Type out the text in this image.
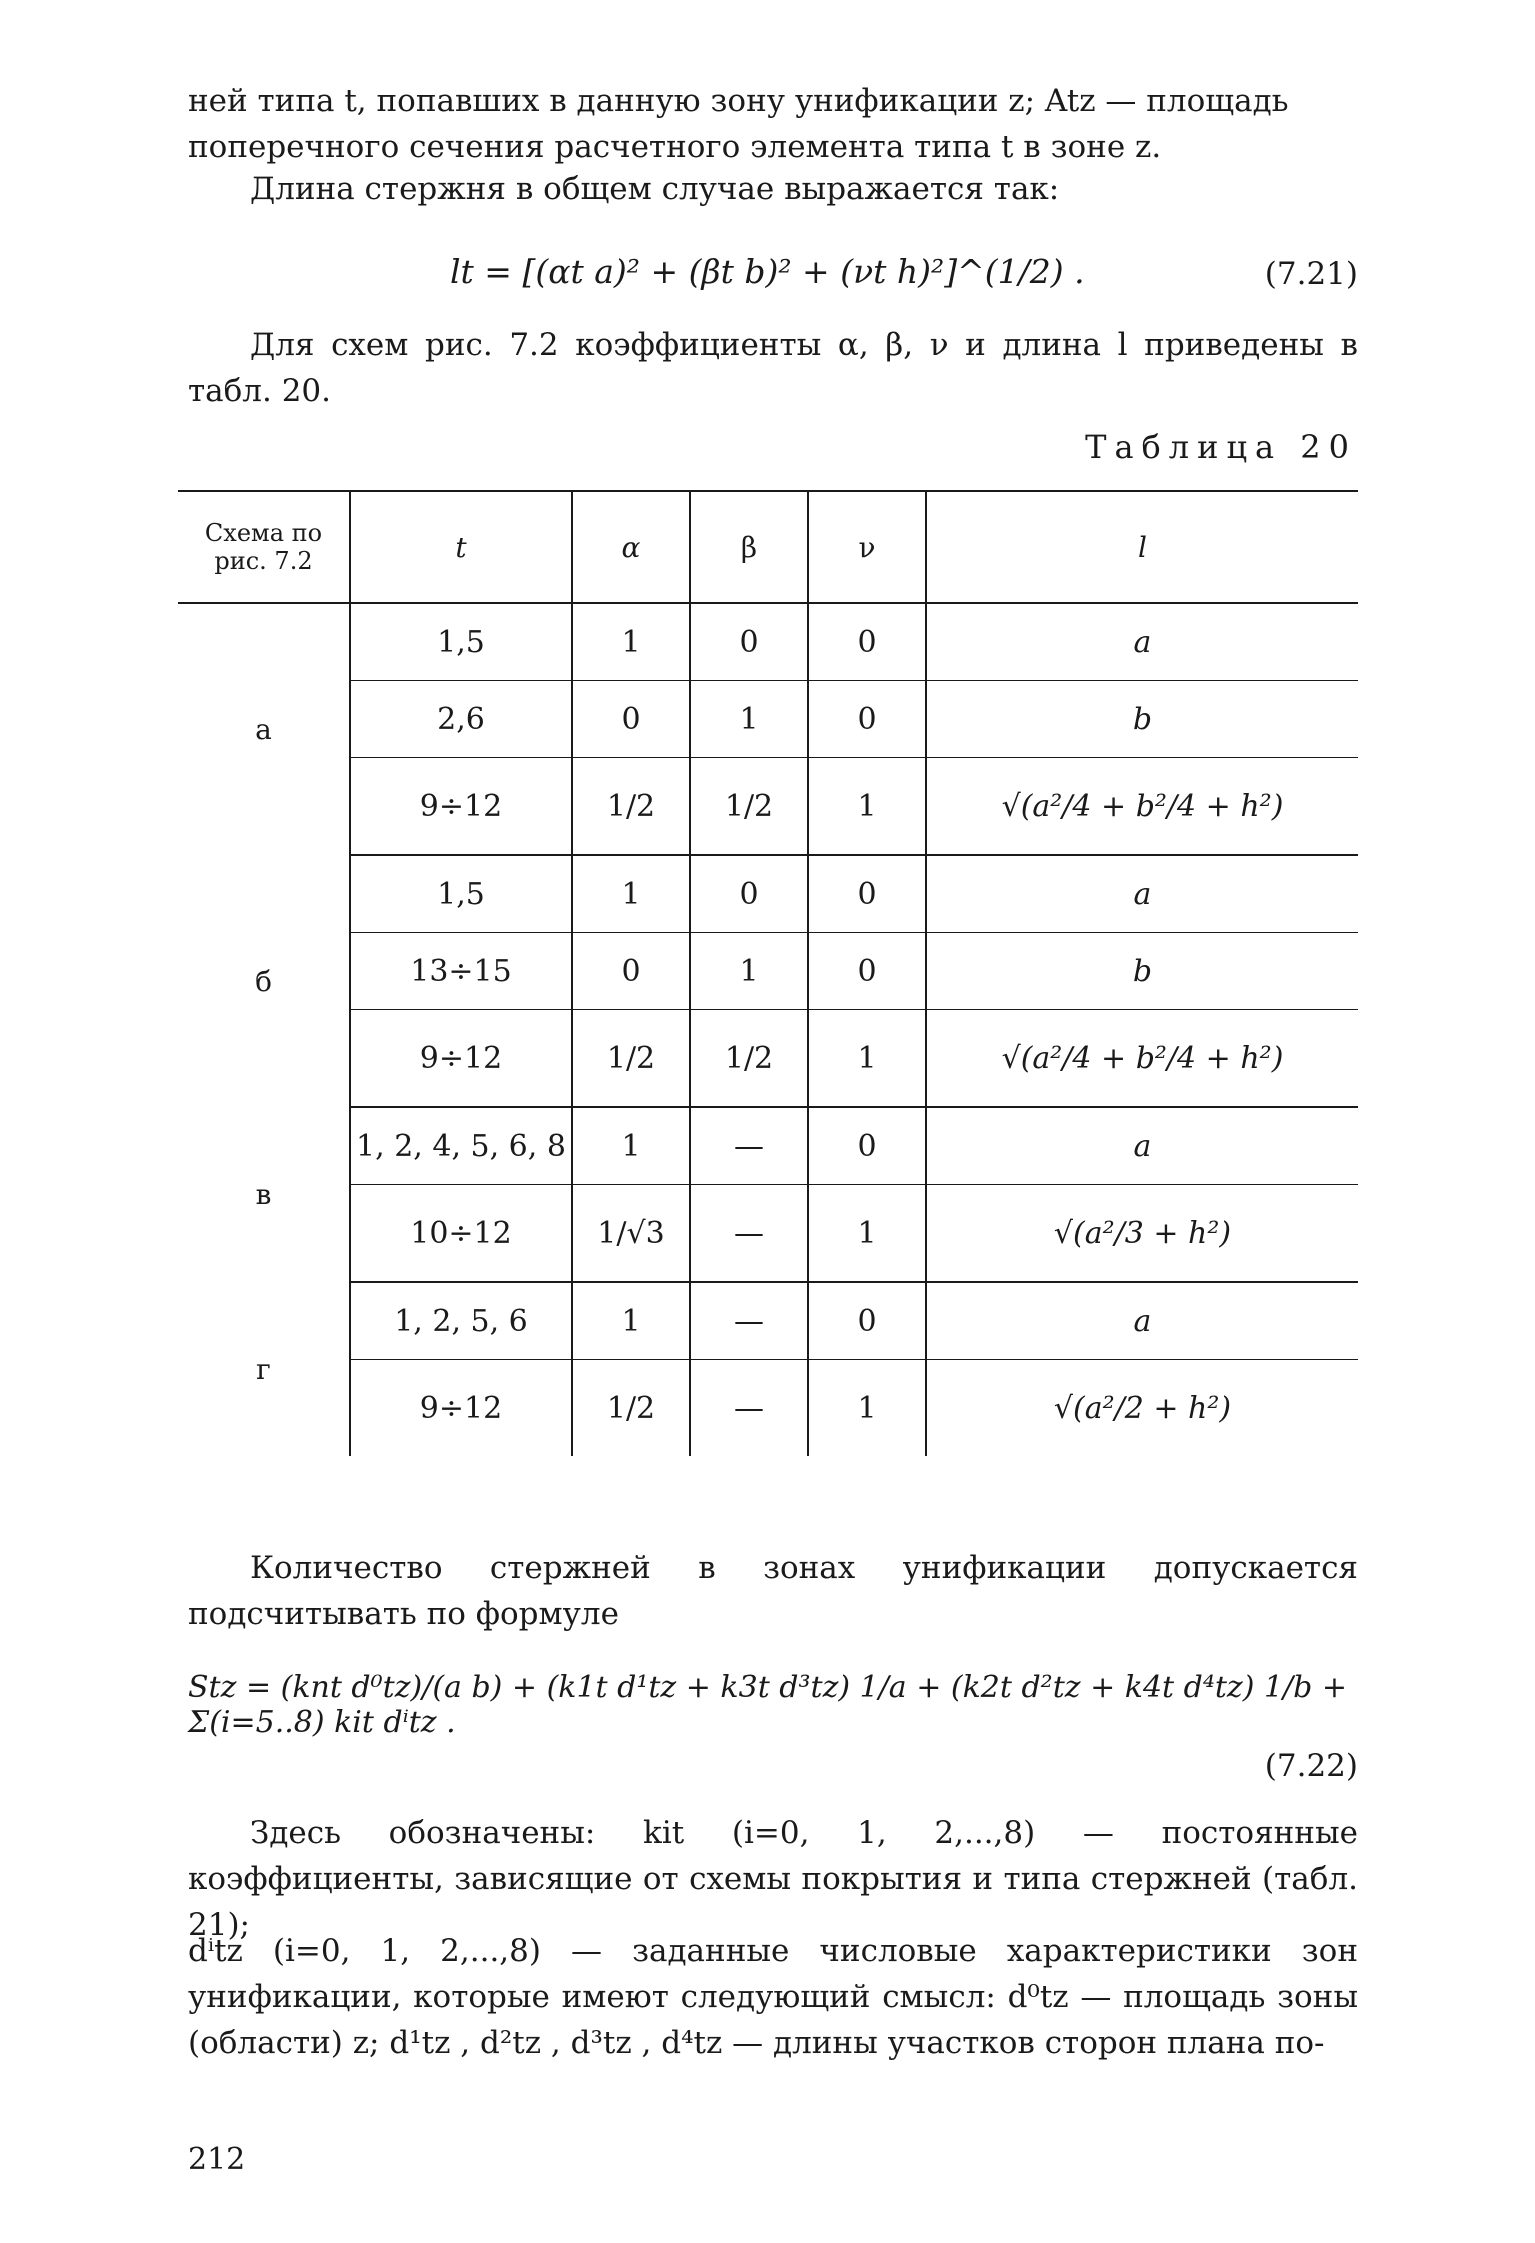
ней типа t, попавших в данную зону унификации z; Atz — площадь
поперечного сечения расчетного элемента типа t в зоне z.
Длина стержня в общем случае выражается так:
lt = [(αt a)² + (βt b)² + (νt h)²]^(1/2) .	(7.21)
Для схем рис. 7.2 коэффициенты α, β, ν и длина l приведены в табл. 20.
Таблица 20
Схема по рис. 7.2	t	α	β	ν	l
а	1,5	1	0	0	a
	2,6	0	1	0	b
	9÷12	1/2	1/2	1	√(a²/4 + b²/4 + h²)
б	1,5	1	0	0	a
	13÷15	0	1	0	b
	9÷12	1/2	1/2	1	√(a²/4 + b²/4 + h²)
в	1, 2, 4, 5, 6, 8	1	—	0	a
	10÷12	1/√3	—	1	√(a²/3 + h²)
г	1, 2, 5, 6	1	—	0	a
	9÷12	1/2	—	1	√(a²/2 + h²)
Количество стержней в зонах унификации допускается подсчитывать по формуле
Stz = (knt d⁰tz)/(a b) + (k1t d¹tz + k3t d³tz) 1/a + (k2t d²tz + k4t d⁴tz) 1/b + Σ(i=5..8) kit dⁱtz .
(7.22)
Здесь обозначены: kit (i=0, 1, 2,...,8) — постоянные коэффициенты, зависящие от схемы покрытия и типа стержней (табл. 21);
dⁱtz (i=0, 1, 2,...,8) — заданные числовые характеристики зон унификации, которые имеют следующий смысл: d⁰tz — площадь зоны (области) z; d¹tz , d²tz , d³tz , d⁴tz — длины участков сторон плана по-
212
